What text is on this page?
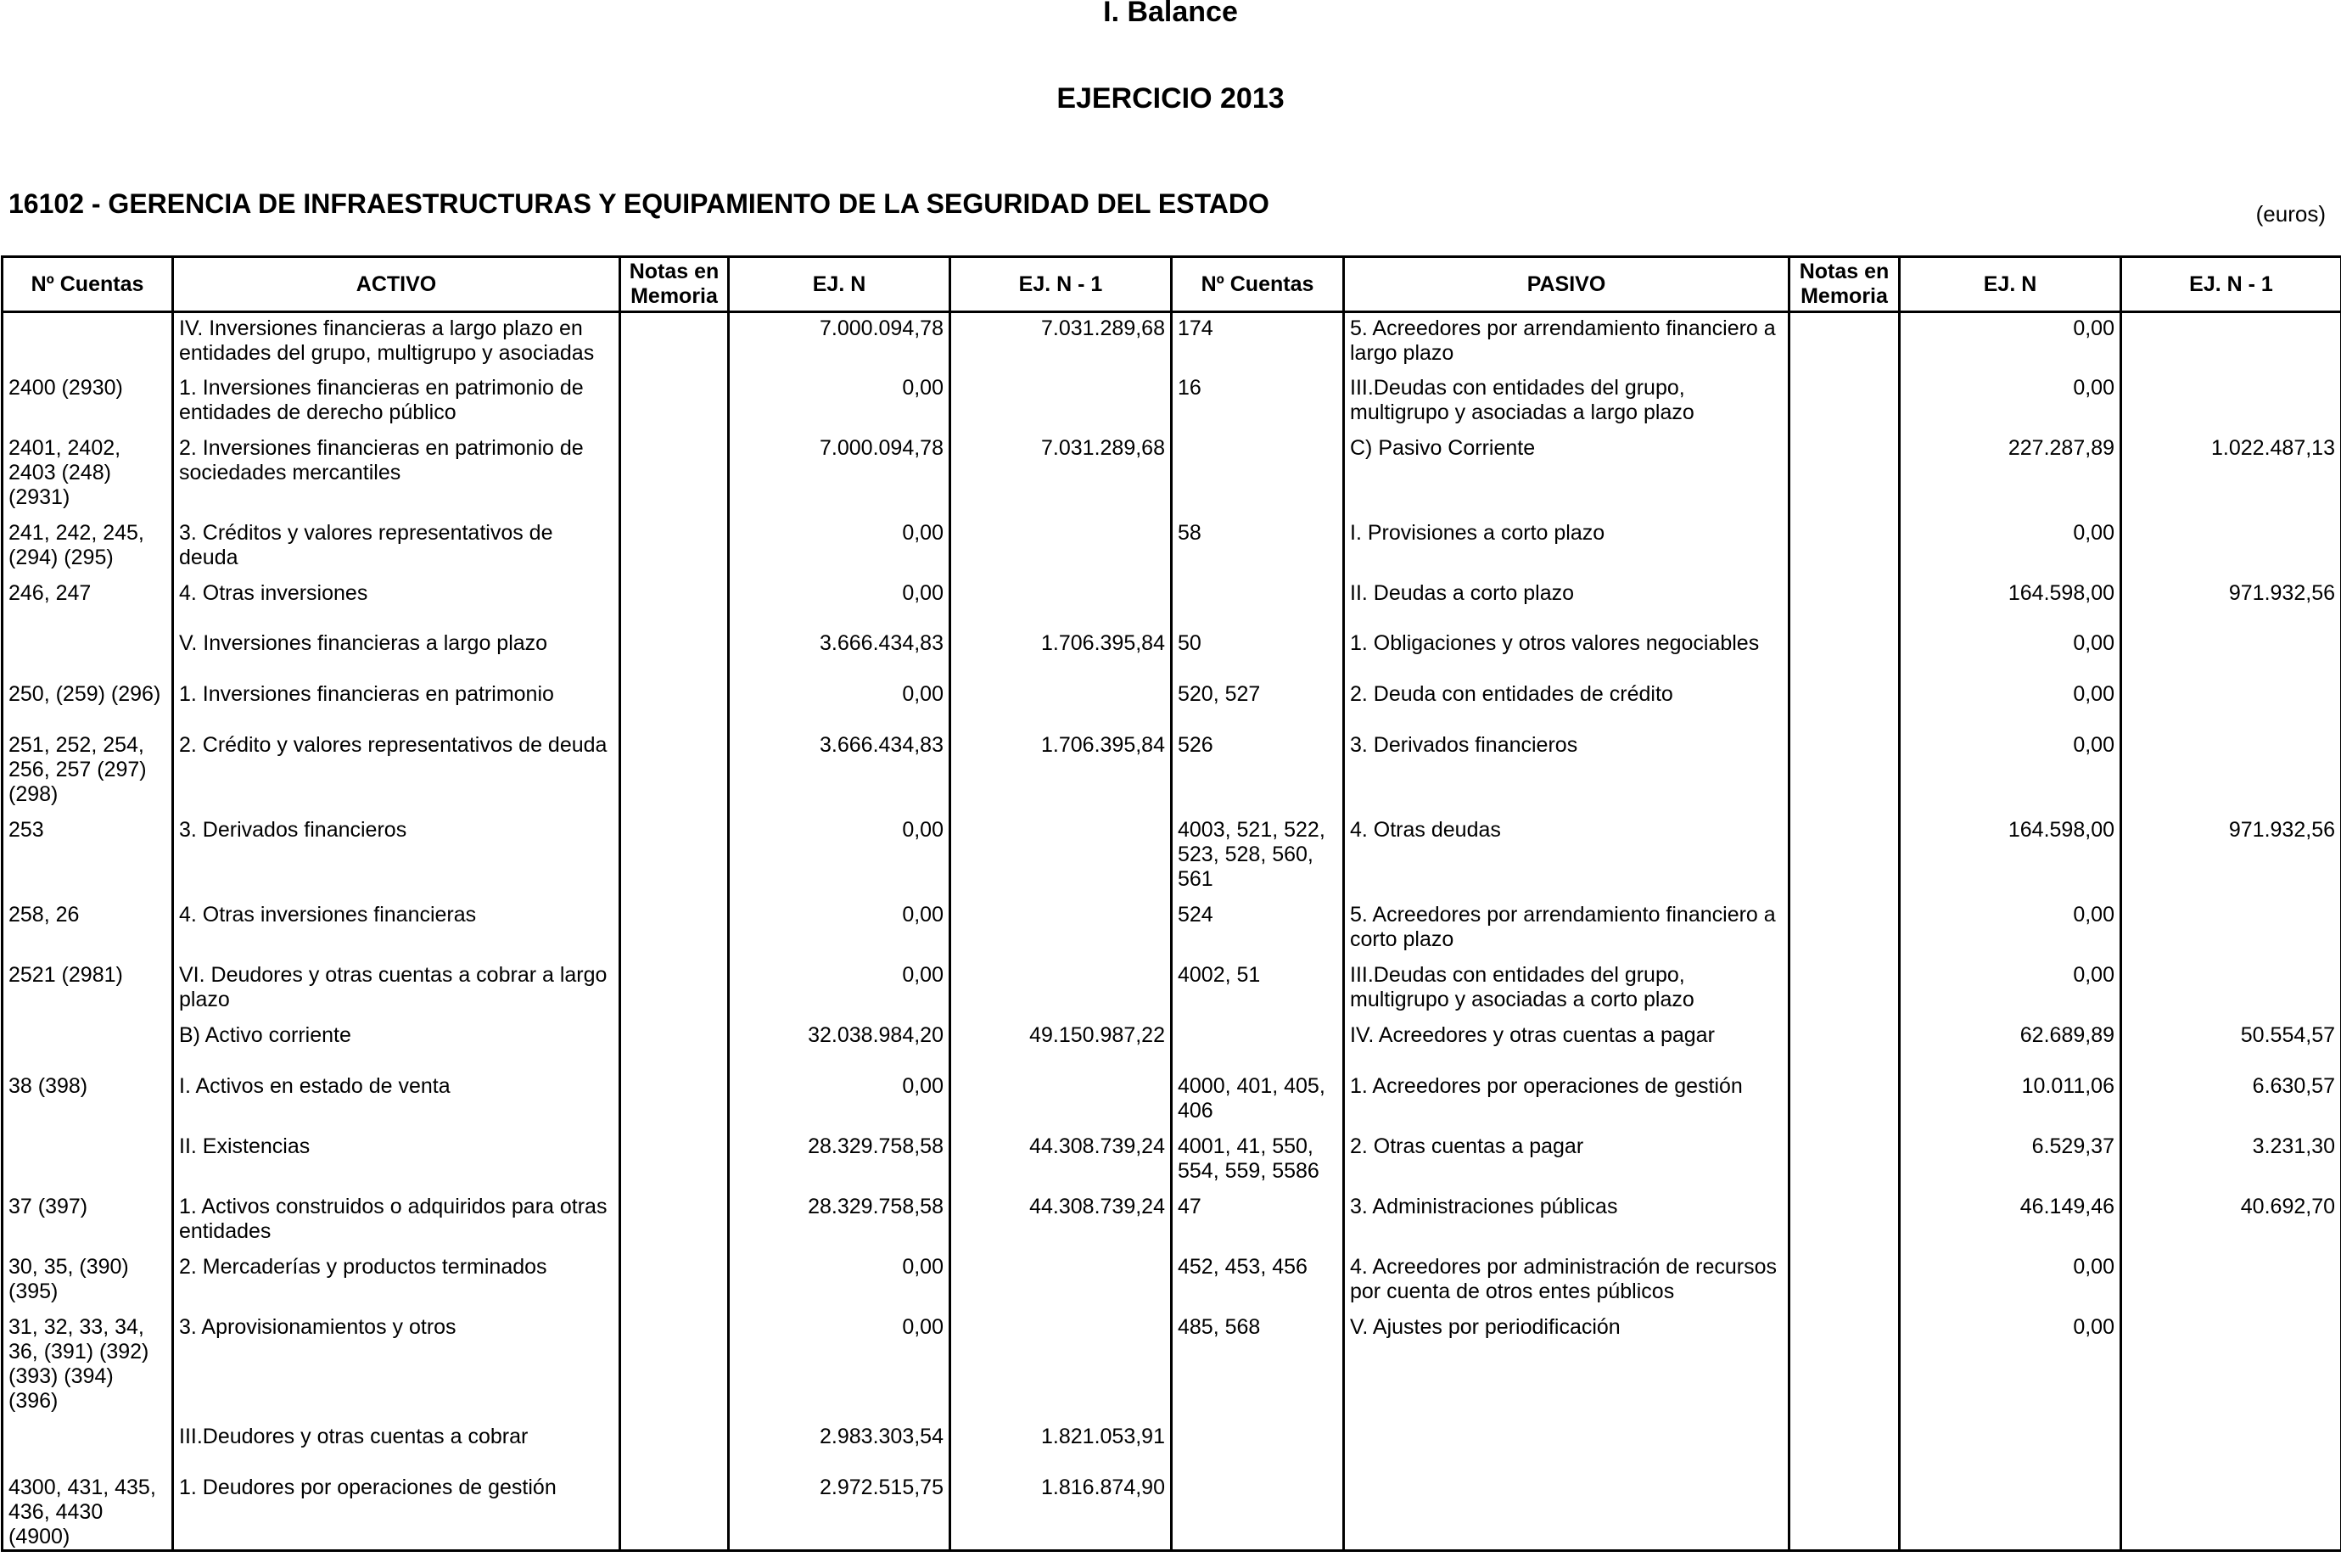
I. Balance
EJERCICIO 2013
16102 - GERENCIA DE INFRAESTRUCTURAS Y EQUIPAMIENTO DE LA SEGURIDAD DEL ESTADO	(euros)
Nº Cuentas	ACTIVO	Notas en Memoria	EJ. N	EJ. N - 1	Nº Cuentas	PASIVO	Notas en Memoria	EJ. N	EJ. N - 1
	IV. Inversiones financieras a largo plazo en entidades del grupo, multigrupo y asociadas		7.000.094,78	7.031.289,68	174	5. Acreedores por arrendamiento financiero a largo plazo		0,00	
2400 (2930)	1. Inversiones financieras en patrimonio de entidades de derecho público		0,00		16	III.Deudas con entidades del grupo, multigrupo y asociadas a largo plazo		0,00	
2401, 2402, 2403 (248) (2931)	2. Inversiones financieras en patrimonio de sociedades mercantiles		7.000.094,78	7.031.289,68		C) Pasivo Corriente		227.287,89	1.022.487,13
241, 242, 245, (294) (295)	3. Créditos y valores representativos de deuda		0,00		58	I. Provisiones a corto plazo		0,00	
246, 247	4. Otras inversiones		0,00			II. Deudas a corto plazo		164.598,00	971.932,56
	V. Inversiones financieras a largo plazo		3.666.434,83	1.706.395,84	50	1. Obligaciones y otros valores negociables		0,00	
250, (259) (296)	1. Inversiones financieras en patrimonio		0,00		520, 527	2. Deuda con entidades de crédito		0,00	
251, 252, 254, 256, 257 (297) (298)	2. Crédito y valores representativos de deuda		3.666.434,83	1.706.395,84	526	3. Derivados financieros		0,00	
253	3. Derivados financieros		0,00		4003, 521, 522, 523, 528, 560, 561	4. Otras deudas		164.598,00	971.932,56
258, 26	4. Otras inversiones financieras		0,00		524	5. Acreedores por arrendamiento financiero a corto plazo		0,00	
2521 (2981)	VI. Deudores y otras cuentas a cobrar a largo plazo		0,00		4002, 51	III.Deudas con entidades del grupo, multigrupo y asociadas a corto plazo		0,00	
	B) Activo corriente		32.038.984,20	49.150.987,22		IV. Acreedores y otras cuentas a pagar		62.689,89	50.554,57
38 (398)	I. Activos en estado de venta		0,00		4000, 401, 405, 406	1. Acreedores por operaciones de gestión		10.011,06	6.630,57
	II. Existencias		28.329.758,58	44.308.739,24	4001, 41, 550, 554, 559, 5586	2. Otras cuentas a pagar		6.529,37	3.231,30
37 (397)	1. Activos construidos o adquiridos para otras entidades		28.329.758,58	44.308.739,24	47	3. Administraciones públicas		46.149,46	40.692,70
30, 35, (390) (395)	2. Mercaderías y productos terminados		0,00		452, 453, 456	4. Acreedores por administración de recursos por cuenta de otros entes públicos		0,00	
31, 32, 33, 34, 36, (391) (392) (393) (394) (396)	3. Aprovisionamientos y otros		0,00		485, 568	V. Ajustes por periodificación		0,00	
	III.Deudores y otras cuentas a cobrar		2.983.303,54	1.821.053,91					
4300, 431, 435, 436, 4430 (4900)	1. Deudores por operaciones de gestión		2.972.515,75	1.816.874,90					
